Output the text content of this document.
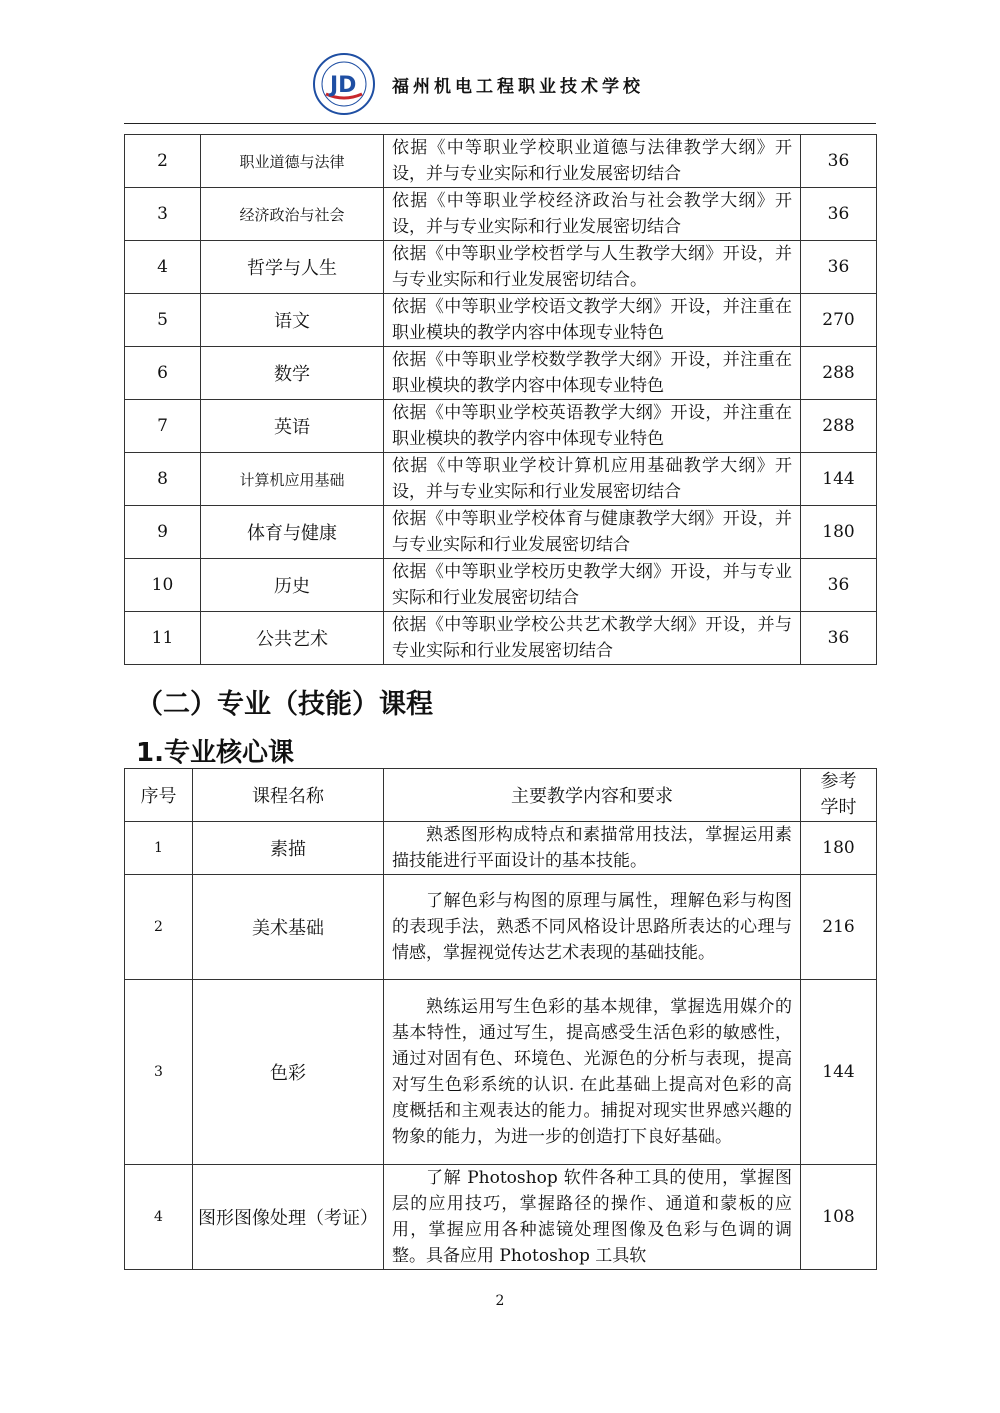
JD 福州机电工程职业技术学校
2	职业道德与法律	依据《中等职业学校职业道德与法律教学大纲》开设，并与专业实际和行业发展密切结合	36
3	经济政治与社会	依据《中等职业学校经济政治与社会教学大纲》开设，并与专业实际和行业发展密切结合	36
4	哲学与人生	依据《中等职业学校哲学与人生教学大纲》开设，并与专业实际和行业发展密切结合。	36
5	语文	依据《中等职业学校语文教学大纲》开设，并注重在职业模块的教学内容中体现专业特色	270
6	数学	依据《中等职业学校数学教学大纲》开设，并注重在职业模块的教学内容中体现专业特色	288
7	英语	依据《中等职业学校英语教学大纲》开设，并注重在职业模块的教学内容中体现专业特色	288
8	计算机应用基础	依据《中等职业学校计算机应用基础教学大纲》开设，并与专业实际和行业发展密切结合	144
9	体育与健康	依据《中等职业学校体育与健康教学大纲》开设，并与专业实际和行业发展密切结合	180
10	历史	依据《中等职业学校历史教学大纲》开设，并与专业实际和行业发展密切结合	36
11	公共艺术	依据《中等职业学校公共艺术教学大纲》开设，并与专业实际和行业发展密切结合	36
（二）专业（技能）课程
1.专业核心课
序号	课程名称	主要教学内容和要求	参考
学时
1	素描	熟悉图形构成特点和素描常用技法，掌握运用素描技能进行平面设计的基本技能。	180
2	美术基础	了解色彩与构图的原理与属性，理解色彩与构图的表现手法，熟悉不同风格设计思路所表达的心理与情感，掌握视觉传达艺术表现的基础技能。	216
3	色彩	熟练运用写生色彩的基本规律，掌握选用媒介的基本特性，通过写生，提高感受生活色彩的敏感性，通过对固有色、环境色、光源色的分析与表现，提高对写生色彩系统的认识. 在此基础上提高对色彩的高度概括和主观表达的能力。捕捉对现实世界感兴趣的物象的能力，为进一步的创造打下良好基础。	144
4	图形图像处理（考证）	了解 Photoshop 软件各种工具的使用，掌握图层的应用技巧，掌握路径的操作、通道和蒙板的应用，掌握应用各种滤镜处理图像及色彩与色调的调整。具备应用 Photoshop 工具软	108
2
